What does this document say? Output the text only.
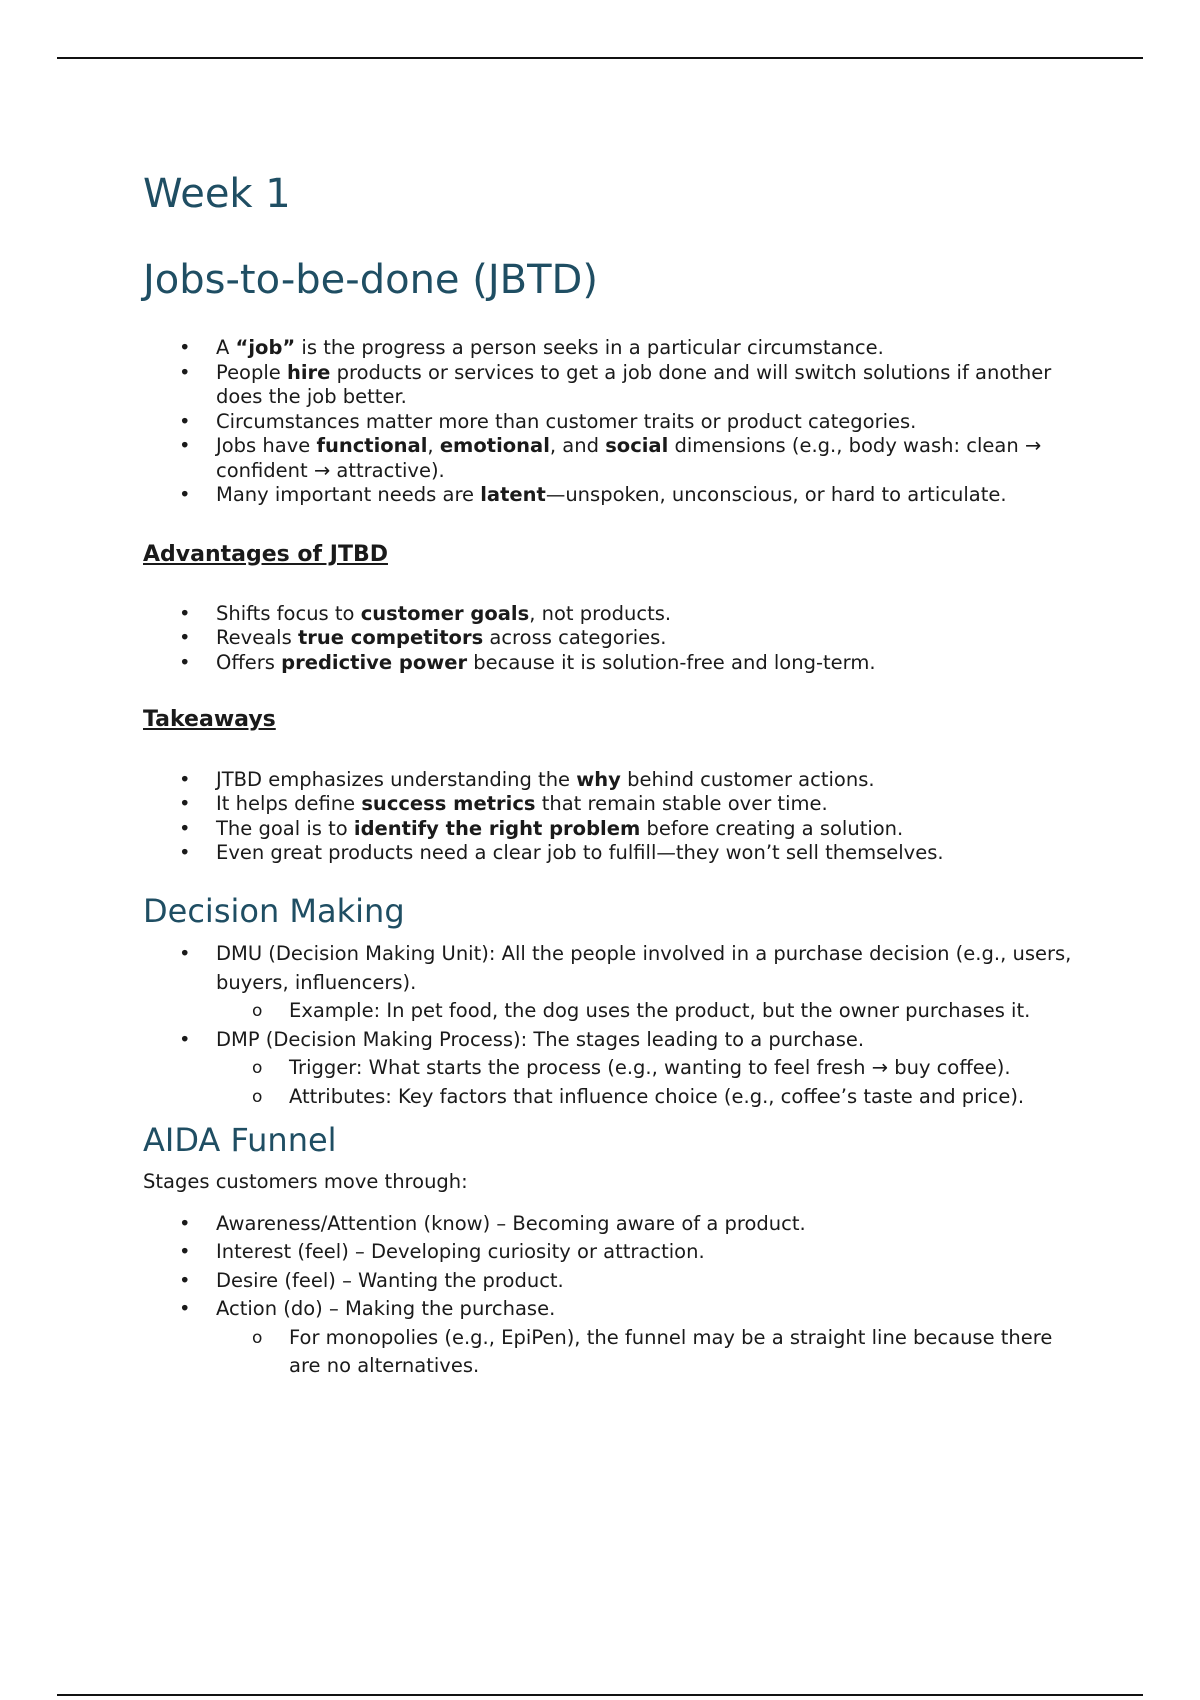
Week 1
Jobs-to-be-done (JBTD)
• A “job” is the progress a person seeks in a particular circumstance.
• People hire products or services to get a job done and will switch solutions if another does the job better.
• Circumstances matter more than customer traits or product categories.
• Jobs have functional, emotional, and social dimensions (e.g., body wash: clean → confident → attractive).
• Many important needs are latent—unspoken, unconscious, or hard to articulate.
Advantages of JTBD
• Shifts focus to customer goals, not products.
• Reveals true competitors across categories.
• Offers predictive power because it is solution-free and long-term.
Takeaways
• JTBD emphasizes understanding the why behind customer actions.
• It helps define success metrics that remain stable over time.
• The goal is to identify the right problem before creating a solution.
• Even great products need a clear job to fulfill—they won’t sell themselves.
Decision Making
• DMU (Decision Making Unit): All the people involved in a purchase decision (e.g., users, buyers, influencers).
o Example: In pet food, the dog uses the product, but the owner purchases it.
• DMP (Decision Making Process): The stages leading to a purchase.
o Trigger: What starts the process (e.g., wanting to feel fresh → buy coffee).
o Attributes: Key factors that influence choice (e.g., coffee’s taste and price).
AIDA Funnel

Stages customers move through:

• Awareness/Attention (know) – Becoming aware of a product.
• Interest (feel) – Developing curiosity or attraction.
• Desire (feel) – Wanting the product.
• Action (do) – Making the purchase.
o For monopolies (e.g., EpiPen), the funnel may be a straight line because there are no alternatives.
